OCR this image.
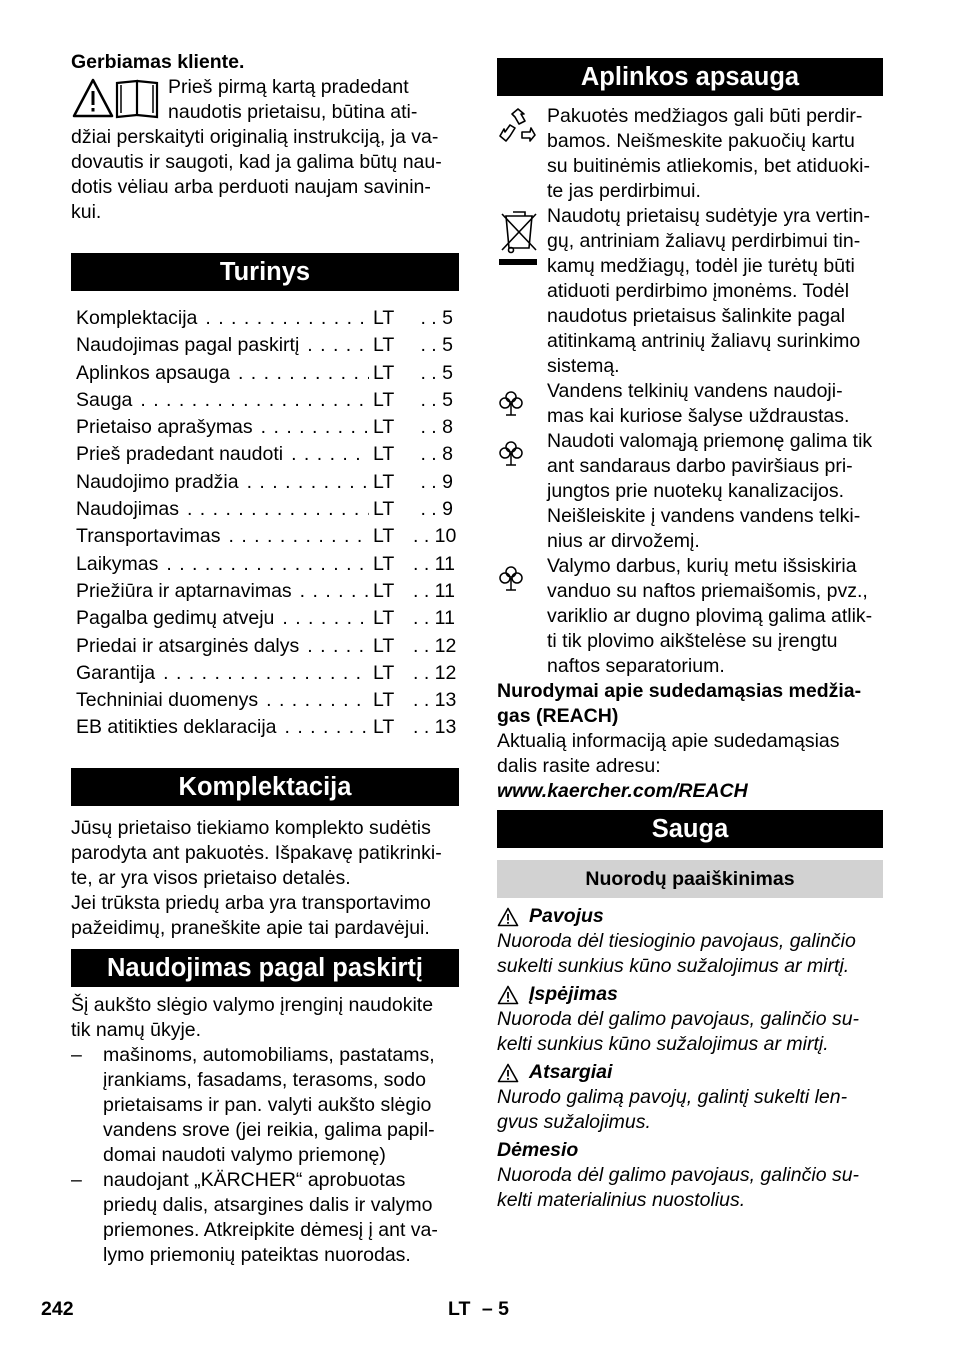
Gerbiamas kliente.

Prieš pirmą kartą pradedant

naudotis prietaisu, būtina ati-

džiai perskaityti originalią instrukciją, ja va-

dovautis ir saugoti, kad ja galima būtų nau-

dotis vėliau arba perduoti naujam savinin-

kui.

Turinys
Komplektacija . . .	LT	. . 5
Naudojimas pagal paskirtį . . .	LT	. . 5
Aplinkos apsauga . . .	LT	. . 5
Sauga . . .	LT	. . 5
Prietaiso aprašymas . . .	LT	. . 8
Prieš pradedant naudoti . . .	LT	. . 8
Naudojimo pradžia . . .	LT	. . 9
Naudojimas . . .	LT	. . 9
Transportavimas . . .	LT . . 10
Laikymas . . .	LT . . 11
Priežiūra ir aptarnavimas . . .	LT . . 11
Pagalba gedimų atveju . . .	LT . . 11
Priedai ir atsarginės dalys . . .	LT . . 12
Garantija . . .	LT . . 12
Techniniai duomenys . . .	LT . . 13
EB atitikties deklaracija . . .	LT . . 13
Komplektacija

Jūsų prietaiso tiekiamo komplekto sudėtis

parodyta ant pakuotės. Išpakavę patikrinki-

te, ar yra visos prietaiso detalės.

Jei trūksta priedų arba yra transportavimo

pažeidimų, praneškite apie tai pardavėjui.

Naudojimas pagal paskirtį

Šį aukšto slėgio valymo įrenginį naudokite

tik namų ūkyje.

–	mašinoms, automobiliams, pastatams,

įrankiams, fasadams, terasoms, sodo

prietaisams ir pan. valyti aukšto slėgio

vandens srove (jei reikia, galima papil-

domai naudoti valymo priemonę)

–	naudojant „KÄRCHER“ aprobuotas

priedų dalis, atsargines dalis ir valymo

priemones. Atkreipkite dėmesį į ant va-

lymo priemonių pateiktas nuorodas.

Aplinkos apsauga

Pakuotės medžiagos gali būti perdir-

bamos. Neišmeskite pakuočių kartu

su buitinėmis atliekomis, bet atiduoki-

te jas perdirbimui.

Naudotų prietaisų sudėtyje yra vertin-

gų, antriniam žaliavų perdirbimui tin-

kamų medžiagų, todėl jie turėtų būti

atiduoti perdirbimo įmonėms. Todėl

naudotus prietaisus šalinkite pagal

atitinkamą antrinių žaliavų surinkimo

sistemą.

Vandens telkinių vandens naudoji-

mas kai kuriose šalyse uždraustas.

Naudoti valomąją priemonę galima tik

ant sandaraus darbo paviršiaus pri-

jungtos prie nuotekų kanalizacijos.

Neišleiskite į vandens vandens telki-

nius ar dirvožemį.

Valymo darbus, kurių metu išsiskiria

vanduo su naftos priemaišomis, pvz.,

variklio ar dugno plovimą galima atlik-

ti tik plovimo aikštelėse su įrengtu

naftos separatorium.

Nurodymai apie sudedamąsias medžia-

gas (REACH)

Aktualią informaciją apie sudedamąsias

dalis rasite adresu:

www.kaercher.com/REACH

Sauga
Nuorodų paaiškinimas
Pavojus

Nuoroda dėl tiesioginio pavojaus, galinčio

sukelti sunkius kūno sužalojimus ar mirtį.

Įspėjimas

Nuoroda dėl galimo pavojaus, galinčio su-

kelti sunkius kūno sužalojimus ar mirtį.

Atsargiai

Nurodo galimą pavojų, galintį sukelti len-

gvus sužalojimus.

Dėmesio

Nuoroda dėl galimo pavojaus, galinčio su-

kelti materialinius nuostolius.

242	LT – 5
